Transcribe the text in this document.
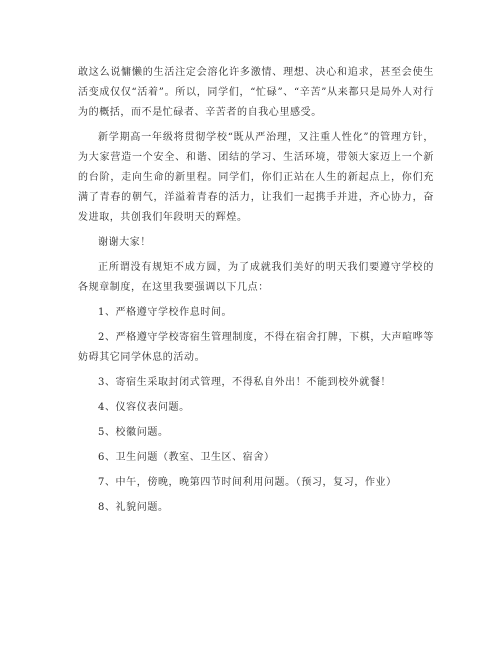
敢这么说慵懒的生活注定会溶化许多激情、理想、决心和追求，甚至会使生活变成仅仅“活着”。所以，同学们，“忙碌”、“辛苦”从来都只是局外人对行为的概括，而不是忙碌者、辛苦者的自我心里感受。

新学期高一年级将贯彻学校“既从严治理，又注重人性化”的管理方针，为大家营造一个安全、和谐、团结的学习、生活环境，带领大家迈上一个新的台阶，走向生命的新里程。同学们，你们正站在人生的新起点上，你们充满了青春的朝气，洋溢着青春的活力，让我们一起携手并进，齐心协力，奋发进取，共创我们年段明天的辉煌。

谢谢大家！

正所谓没有规矩不成方圆，为了成就我们美好的明天我们要遵守学校的各规章制度，在这里我要强调以下几点：

1、严格遵守学校作息时间。

2、严格遵守学校寄宿生管理制度，不得在宿舍打牌，下棋，大声喧哗等妨碍其它同学休息的活动。

3、寄宿生采取封闭式管理，不得私自外出！不能到校外就餐！

4、仪容仪表问题。

5、校徽问题。

6、卫生问题（教室、卫生区、宿舍）

7、中午，傍晚，晚第四节时间利用问题。（预习，复习，作业）

8、礼貌问题。
